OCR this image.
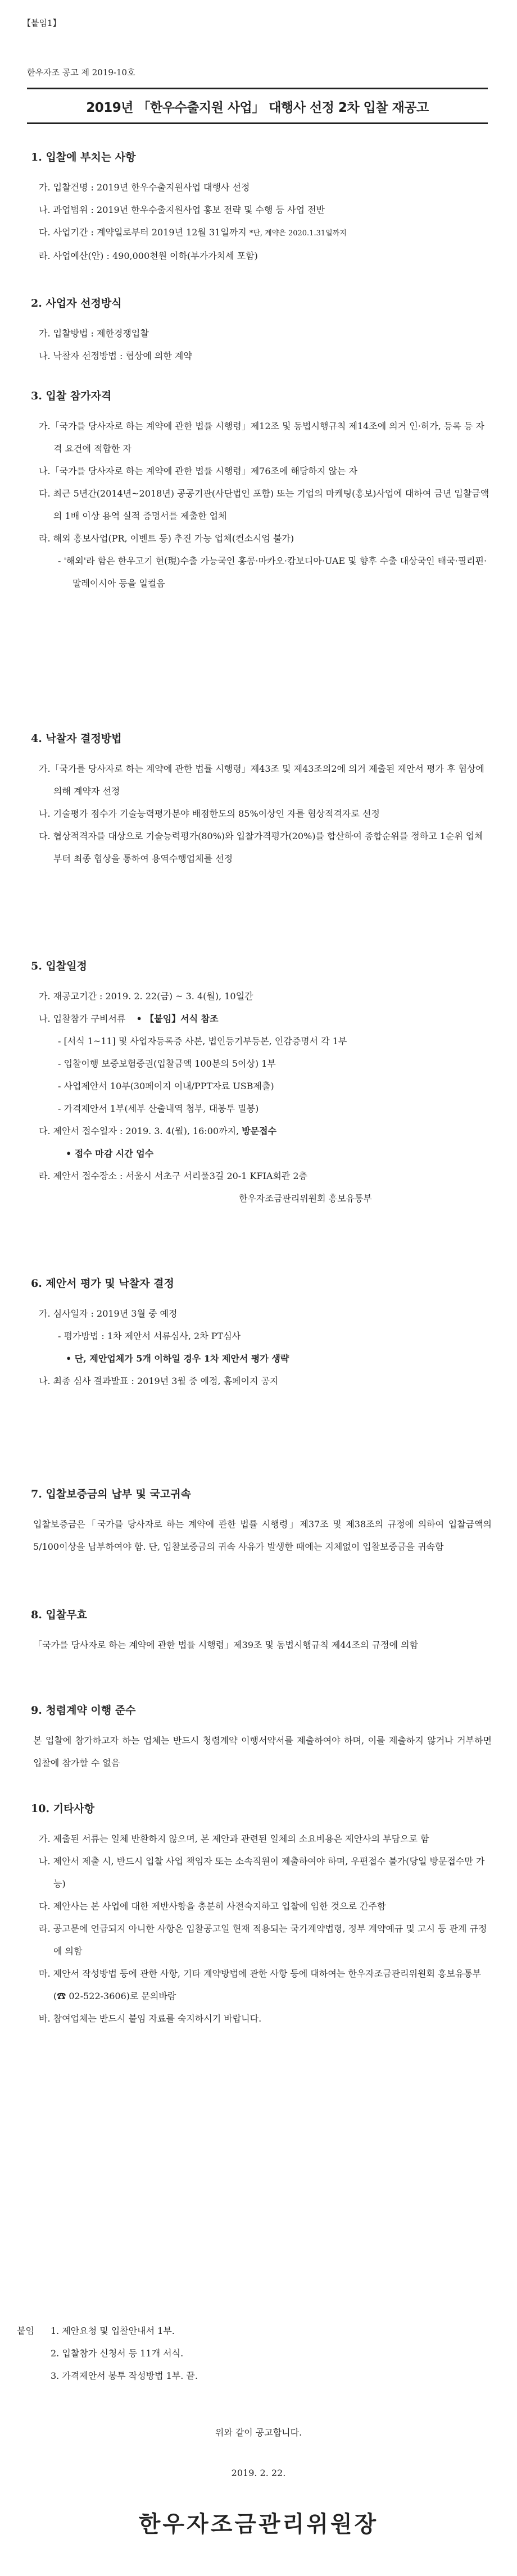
【붙임1】
한우자조 공고 제 2019-10호
2019년 「한우수출지원 사업」 대행사 선정 2차 입찰 재공고
1. 입찰에 부치는 사항
가. 입찰건명 : 2019년 한우수출지원사업 대행사 선정
나. 과업범위 : 2019년 한우수출지원사업 홍보 전략 및 수행 등 사업 전반
다. 사업기간 : 계약일로부터 2019년 12월 31일까지 *단, 계약은 2020.1.31일까지
라. 사업예산(안) : 490,000천원 이하(부가가치세 포함)
2. 사업자 선정방식
가. 입찰방법 : 제한경쟁입찰
나. 낙찰자 선정방법 : 협상에 의한 계약
3. 입찰 참가자격
가.「국가를 당사자로 하는 계약에 관한 법률 시행령」제12조 및 동법시행규칙 제14조에 의거 인·허가, 등록 등 자격 요건에 적합한 자
나.「국가를 당사자로 하는 계약에 관한 법률 시행령」제76조에 해당하지 않는 자
다. 최근 5년간(2014년~2018년) 공공기관(사단법인 포함) 또는 기업의 마케팅(홍보)사업에 대하여 금년 입찰금액의 1배 이상 용역 실적 증명서를 제출한 업체
라. 해외 홍보사업(PR, 이벤트 등) 추진 가능 업체(컨소시엄 불가)
- '해외'라 함은 한우고기 현(現)수출 가능국인 홍콩·마카오·캄보디아·UAE 및 향후 수출 대상국인 태국·필리핀·말레이시아 등을 일컬음
4. 낙찰자 결정방법
가.「국가를 당사자로 하는 계약에 관한 법률 시행령」제43조 및 제43조의2에 의거 제출된 제안서 평가 후 협상에 의해 계약자 선정
나. 기술평가 점수가 기술능력평가분야 배점한도의 85%이상인 자를 협상적격자로 선정
다. 협상적격자를 대상으로 기술능력평가(80%)와 입찰가격평가(20%)를 합산하여 종합순위를 정하고 1순위 업체부터 최종 협상을 통하여 용역수행업체를 선정
5. 입찰일정
가. 재공고기간 : 2019. 2. 22(금) ~ 3. 4(월), 10일간
나. 입찰참가 구비서류 • 【붙임】서식 참조
- [서식 1~11] 및 사업자등록증 사본, 법인등기부등본, 인감증명서 각 1부
- 입찰이행 보증보험증권(입찰금액 100분의 5이상) 1부
- 사업제안서 10부(30페이지 이내/PPT자료 USB제출)
- 가격제안서 1부(세부 산출내역 첨부, 대봉투 밀봉)
다. 제안서 접수일자 : 2019. 3. 4(월), 16:00까지, 방문접수
• 접수 마감 시간 엄수
라. 제안서 접수장소 : 서울시 서초구 서리풀3길 20-1 KFIA회관 2층
한우자조금관리위원회 홍보유통부
6. 제안서 평가 및 낙찰자 결정
가. 심사일자 : 2019년 3월 중 예정
- 평가방법 : 1차 제안서 서류심사, 2차 PT심사
• 단, 제안업체가 5개 이하일 경우 1차 제안서 평가 생략
나. 최종 심사 결과발표 : 2019년 3월 중 예정, 홈페이지 공지
7. 입찰보증금의 납부 및 국고귀속
입찰보증금은「국가를 당사자로 하는 계약에 관한 법률 시행령」제37조 및 제38조의 규정에 의하여 입찰금액의 5/100이상을 납부하여야 함. 단, 입찰보증금의 귀속 사유가 발생한 때에는 지체없이 입찰보증금을 귀속함
8. 입찰무효
「국가를 당사자로 하는 계약에 관한 법률 시행령」제39조 및 동법시행규칙 제44조의 규정에 의함
9. 청렴계약 이행 준수
본 입찰에 참가하고자 하는 업체는 반드시 청렴계약 이행서약서를 제출하여야 하며, 이를 제출하지 않거나 거부하면 입찰에 참가할 수 없음
10. 기타사항
가. 제출된 서류는 일체 반환하지 않으며, 본 제안과 관련된 일체의 소요비용은 제안사의 부담으로 함
나. 제안서 제출 시, 반드시 입찰 사업 책임자 또는 소속직원이 제출하여야 하며, 우편접수 불가(당일 방문접수만 가능)
다. 제안사는 본 사업에 대한 제반사항을 충분히 사전숙지하고 입찰에 임한 것으로 간주함
라. 공고문에 언급되지 아니한 사항은 입찰공고일 현재 적용되는 국가계약법령, 정부 계약예규 및 고시 등 관계 규정에 의함
마. 제안서 작성방법 등에 관한 사항, 기타 계약방법에 관한 사항 등에 대하여는 한우자조금관리위원회 홍보유통부(☎ 02-522-3606)로 문의바람
바. 참여업체는 반드시 붙임 자료를 숙지하시기 바랍니다.
붙임 1. 제안요청 및 입찰안내서 1부.
2. 입찰참가 신청서 등 11개 서식.
3. 가격제안서 봉투 작성방법 1부. 끝.
위와 같이 공고합니다.
2019. 2. 22.
한우자조금관리위원장
